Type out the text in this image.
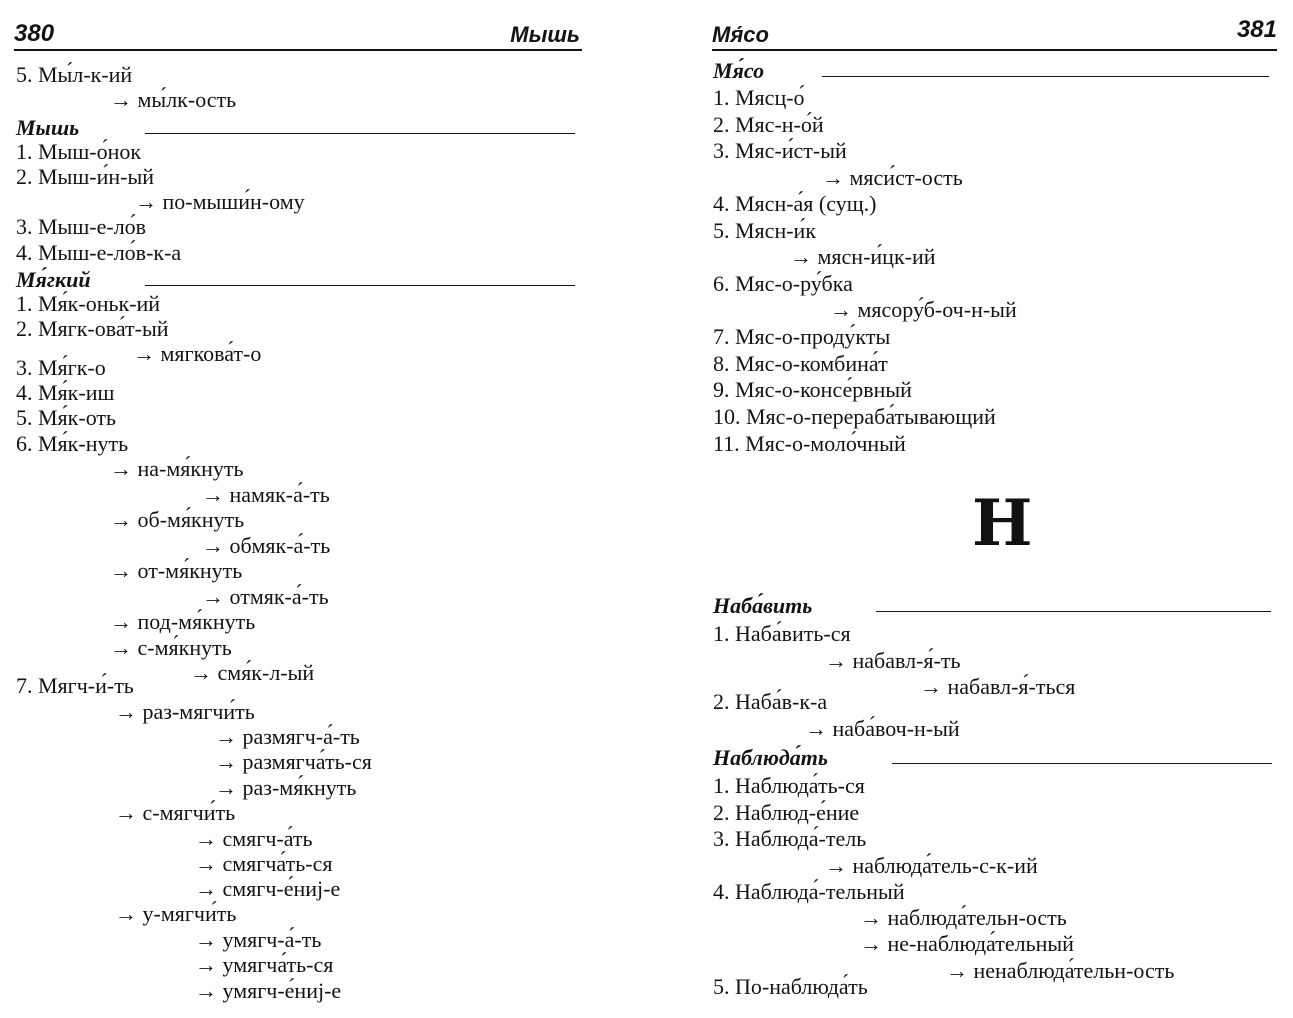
380	Мышь
5. Мы́л-к-ий
→ мы́лк-ость
Мышь
1. Мыш-о́нок
2. Мыш-и́н-ый
→ по-мыши́н-ому
3. Мыш-е-ло́в
4. Мыш-е-ло́в-к-а
Мя́гкий
1. Мя́к-оньк-ий
2. Мягк-ова́т-ый
→ мягкова́т-о
3. Мя́гк-о
4. Мя́к-иш
5. Мя́к-оть
6. Мя́к-нуть
→ на-мя́кнуть
→ намяк-а́-ть
→ об-мя́кнуть
→ обмяк-а́-ть
→ от-мя́кнуть
→ отмяк-а́-ть
→ под-мя́кнуть
→ с-мя́кнуть
→ смя́к-л-ый
7. Мягч-и́-ть
→ раз-мягчи́ть
→ размягч-а́-ть
→ размягча́ть-ся
→ раз-мя́кнуть
→ с-мягчи́ть
→ смягч-а́ть
→ смягча́ть-ся
→ смягч-е́ниj-е
→ у-мягчи́ть
→ умягч-а́-ть
→ умягча́ть-ся
→ умягч-е́ниj-е
Мя́со	381
Мя́со
1. Мясц-о́
2. Мяс-н-о́й
3. Мяс-и́ст-ый
→ мяси́ст-ость
4. Мясн-а́я (сущ.)
5. Мясн-и́к
→ мясн-и́цк-ий
6. Мяс-о-ру́бка
→ мясору́б-оч-н-ый
7. Мяс-о-проду́кты
8. Мяс-о-комбина́т
9. Мяс-о-консе́рвный
10. Мяс-о-перераба́тывающий
11. Мяс-о-моло́чный
Н
Наба́вить
1. Наба́вить-ся
→ набавл-я́-ть
→ набавл-я́-ться
2. Наба́в-к-а
→ наба́воч-н-ый
Наблюда́ть
1. Наблюда́ть-ся
2. Наблюд-е́ние
3. Наблюда́-тель
→ наблюда́тель-с-к-ий
4. Наблюда́-тельный
→ наблюда́тельн-ость
→ не-наблюда́тельный
→ ненаблюда́тельн-ость
5. По-наблюда́ть
